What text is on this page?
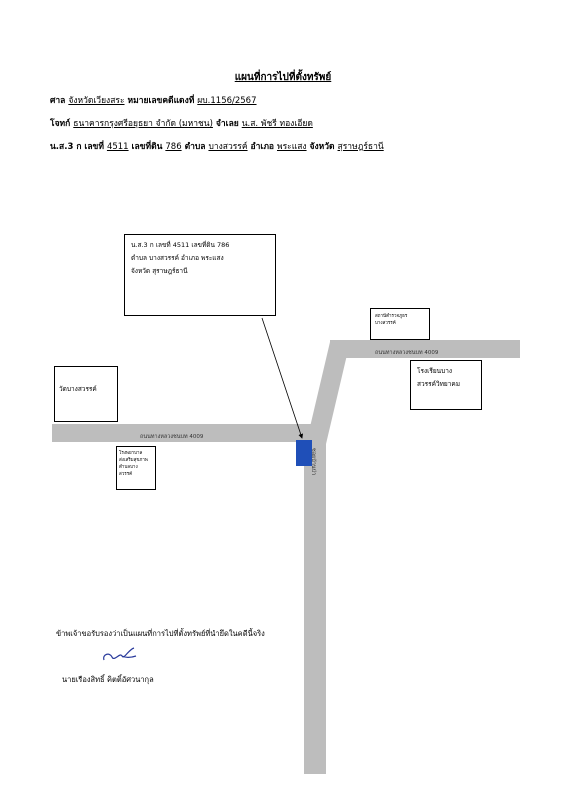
แผนที่การไปที่ตั้งทรัพย์
ศาล จังหวัดเวียงสระ หมายเลขคดีแดงที่ ผบ.1156/2567
โจทก์ ธนาคารกรุงศรีอยุธยา จำกัด (มหาชน) จำเลย น.ส. พัชรี ทองเอียด
น.ส.3 ก เลขที่ 4511 เลขที่ดิน 786 ตำบล บางสวรรค์ อำเภอ พระแสง จังหวัด สุราษฎร์ธานี
ถนนทางหลวงชนบท 4009
ถนนทางหลวงชนบท 4009
ซอยบ้านป่า
น.ส.3 ก เลขที่ 4511 เลขที่ดิน 786
ตำบล บางสวรรค์ อำเภอ พระแสง
จังหวัด สุราษฎร์ธานี
วัดบางสวรรค์
โรงเรียนบาง
สวรรค์วิทยาคม
สถานีตำรวจภูธร
บางสวรรค์
โรงพยาบาล
ส่งเสริมสุขภาพ
ตำบลบาง
สวรรค์
ข้าพเจ้าขอรับรองว่าเป็นแผนที่การไปที่ตั้งทรัพย์ที่นำยึดในคดีนี้จริง
นายเรืองสิทธิ์ คิตติ์อัศวนากุล
